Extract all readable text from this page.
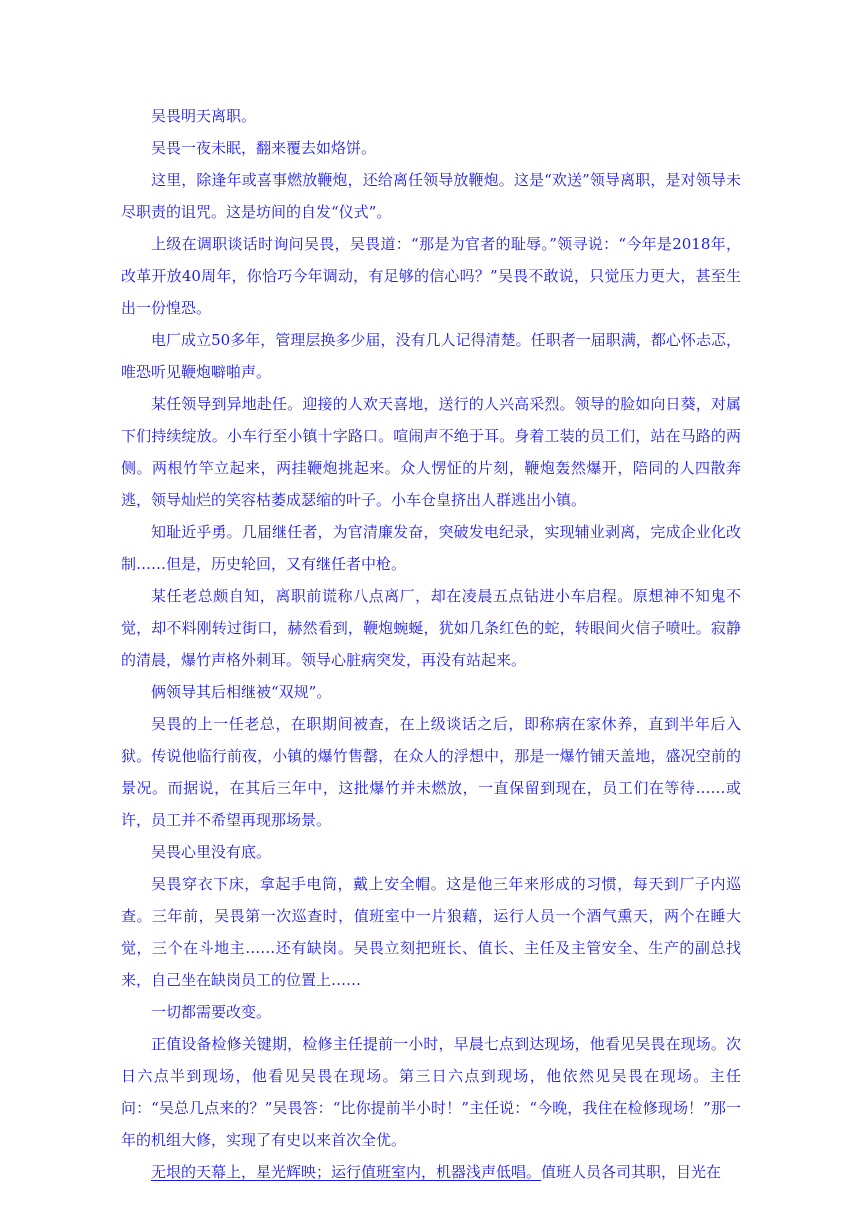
吴畏明天离职。

吴畏一夜未眠，翻来覆去如烙饼。

这里，除逢年或喜事燃放鞭炮，还给离任领导放鞭炮。这是“欢送”领导离职，是对领导未尽职责的诅咒。这是坊间的自发“仪式”。

上级在调职谈话时询问吴畏，吴畏道：“那是为官者的耻辱。”领寻说：“今年是2018年，改革开放40周年，你恰巧今年调动，有足够的信心吗？”吴畏不敢说，只觉压力更大，甚至生出一份惶恐。

电厂成立50多年，管理层换多少届，没有几人记得清楚。任职者一届职满，都心怀忐忑，唯恐听见鞭炮噼啪声。

某任领导到异地赴任。迎接的人欢天喜地，送行的人兴高采烈。领导的脸如向日葵，对属下们持续绽放。小车行至小镇十字路口。喧闹声不绝于耳。身着工装的员工们，站在马路的两侧。两根竹竿立起来，两挂鞭炮挑起来。众人愣怔的片刻，鞭炮轰然爆开，陪同的人四散奔逃，领导灿烂的笑容枯萎成瑟缩的叶子。小车仓皇挤出人群逃出小镇。

知耻近乎勇。几届继任者，为官清廉发奋，突破发电纪录，实现辅业剥离，完成企业化改制……但是，历史轮回，又有继任者中枪。

某任老总颇自知，离职前谎称八点离厂，却在凌晨五点钻进小车启程。原想神不知鬼不觉，却不料刚转过街口，赫然看到，鞭炮蜿蜒，犹如几条红色的蛇，转眼间火信子喷吐。寂静的清晨，爆竹声格外刺耳。领导心脏病突发，再没有站起来。

俩领导其后相继被“双规”。

吴畏的上一任老总，在职期间被查，在上级谈话之后，即称病在家休养，直到半年后入狱。传说他临行前夜，小镇的爆竹售罄，在众人的浮想中，那是一爆竹铺天盖地，盛况空前的景况。而据说，在其后三年中，这批爆竹并未燃放，一直保留到现在，员工们在等待……或许，员工并不希望再现那场景。

吴畏心里没有底。

吴畏穿衣下床，拿起手电筒，戴上安全帽。这是他三年来形成的习惯，每天到厂子内巡查。三年前，吴畏第一次巡查时，值班室中一片狼藉，运行人员一个酒气熏天，两个在睡大觉，三个在斗地主……还有缺岗。吴畏立刻把班长、值长、主任及主管安全、生产的副总找来，自己坐在缺岗员工的位置上……

一切都需要改变。

正值设备检修关键期，检修主任提前一小时，早晨七点到达现场，他看见吴畏在现场。次日六点半到现场，他看见吴畏在现场。第三日六点到现场，他依然见吴畏在现场。主任问：“吴总几点来的？”吴畏答：“比你提前半小时！”主任说：“今晚，我住在检修现场！”那一年的机组大修，实现了有史以来首次全优。

无垠的天幕上，星光辉映；运行值班室内，机器浅声低唱。值班人员各司其职，目光在
